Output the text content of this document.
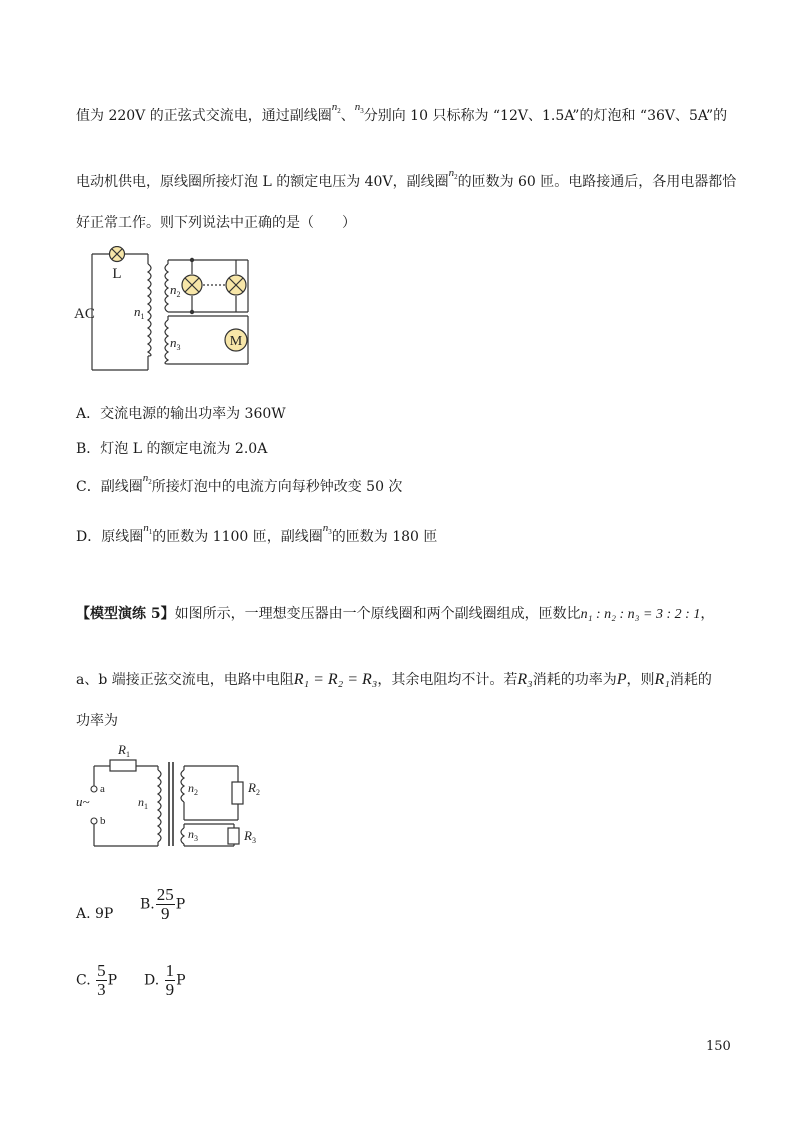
值为 220V 的正弦式交流电，通过副线圈$^{n_2}$、$^{n_3}$分别向 10 只标称为 “12V、1.5A”的灯泡和 “36V、5A”的
电动机供电，原线圈所接灯泡 L 的额定电压为 40V，副线圈$^{n_2}$的匝数为 60 匝。电路接通后，各用电器都恰
好正常工作。则下列说法中正确的是（　　）
M
L
AC	$n_1$
$n_2$
$n_3$
A．交流电源的输出功率为 360W
B．灯泡 L 的额定电流为 2.0A
C．副线圈$^{n_2}$所接灯泡中的电流方向每秒钟改变 50 次
D．原线圈$^{n_1}$的匝数为 1100 匝，副线圈$^{n_3}$的匝数为 180 匝
【模型演练 5】如图所示，一理想变压器由一个原线圈和两个副线圈组成，匝数比n₁ : n₂ : n₃ = 3 : 2 : 1，
a、b 端接正弦交流电，电路中电阻R₁ = R₂ = R₃，其余电阻均不计。若R₃消耗的功率为P，则R₁消耗的
功率为
$R_1$
$R_2$
$R_3$
$n_1$
$n_2$
$n_3$
a
b
u~
A. 9P
B. $\frac{25}{9}$ P
C. $\frac{5}{3}$ P D. $\frac{1}{9}$ P
150
